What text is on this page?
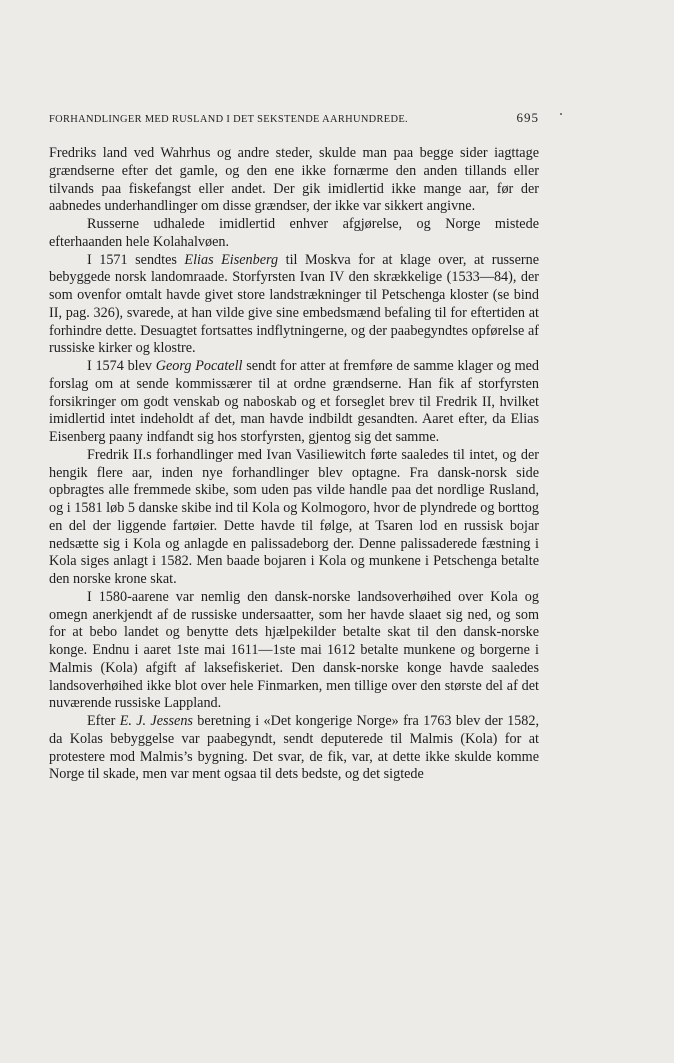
FORHANDLINGER MED RUSLAND I DET SEKSTENDE AARHUNDREDE.	695

Fredriks land ved Wahrhus og andre steder, skulde man paa begge sider iagttage grændserne efter det gamle, og den ene ikke fornærme den anden tillands eller tilvands paa fiskefangst eller andet. Der gik imidlertid ikke mange aar, før der aabnedes underhandlinger om disse grændser, der ikke var sikkert angivne.

Russerne udhalede imidlertid enhver afgjørelse, og Norge mistede efterhaanden hele Kolahalvøen.

I 1571 sendtes Elias Eisenberg til Moskva for at klage over, at russerne bebyggede norsk landomraade. Storfyrsten Ivan IV den skrækkelige (1533—84), der som ovenfor omtalt havde givet store landstrækninger til Petschenga kloster (se bind II, pag. 326), svarede, at han vilde give sine embedsmænd befaling til for eftertiden at forhindre dette. Desuagtet fortsattes indflytningerne, og der paabegyndtes opførelse af russiske kirker og klostre.

I 1574 blev Georg Pocatell sendt for atter at fremføre de samme klager og med forslag om at sende kommissærer til at ordne grændserne. Han fik af storfyrsten forsikringer om godt venskab og naboskab og et forseglet brev til Fredrik II, hvilket imidlertid intet indeholdt af det, man havde indbildt gesandten. Aaret efter, da Elias Eisenberg paany indfandt sig hos storfyrsten, gjentog sig det samme.

Fredrik II.s forhandlinger med Ivan Vasiliewitch førte saaledes til intet, og der hengik flere aar, inden nye forhandlinger blev optagne. Fra dansk-norsk side opbragtes alle fremmede skibe, som uden pas vilde handle paa det nordlige Rusland, og i 1581 løb 5 danske skibe ind til Kola og Kolmogoro, hvor de plyndrede og borttog en del der liggende fartøier. Dette havde til følge, at Tsaren lod en russisk bojar nedsætte sig i Kola og anlagde en palissadeborg der. Denne palissaderede fæstning i Kola siges anlagt i 1582. Men baade bojaren i Kola og munkene i Petschenga betalte den norske krone skat.

I 1580-aarene var nemlig den dansk-norske landsoverhøihed over Kola og omegn anerkjendt af de russiske undersaatter, som her havde slaaet sig ned, og som for at bebo landet og benytte dets hjælpekilder betalte skat til den dansk-norske konge. Endnu i aaret 1ste mai 1611—1ste mai 1612 betalte munkene og borgerne i Malmis (Kola) afgift af laksefiskeriet. Den dansk-norske konge havde saaledes landsoverhøihed ikke blot over hele Finmarken, men tillige over den største del af det nuværende russiske Lappland.

Efter E. J. Jessens beretning i «Det kongerige Norge» fra 1763 blev der 1582, da Kolas bebyggelse var paabegyndt, sendt deputerede til Malmis (Kola) for at protestere mod Malmis’s bygning. Det svar, de fik, var, at dette ikke skulde komme Norge til skade, men var ment ogsaa til dets bedste, og det sigtede
